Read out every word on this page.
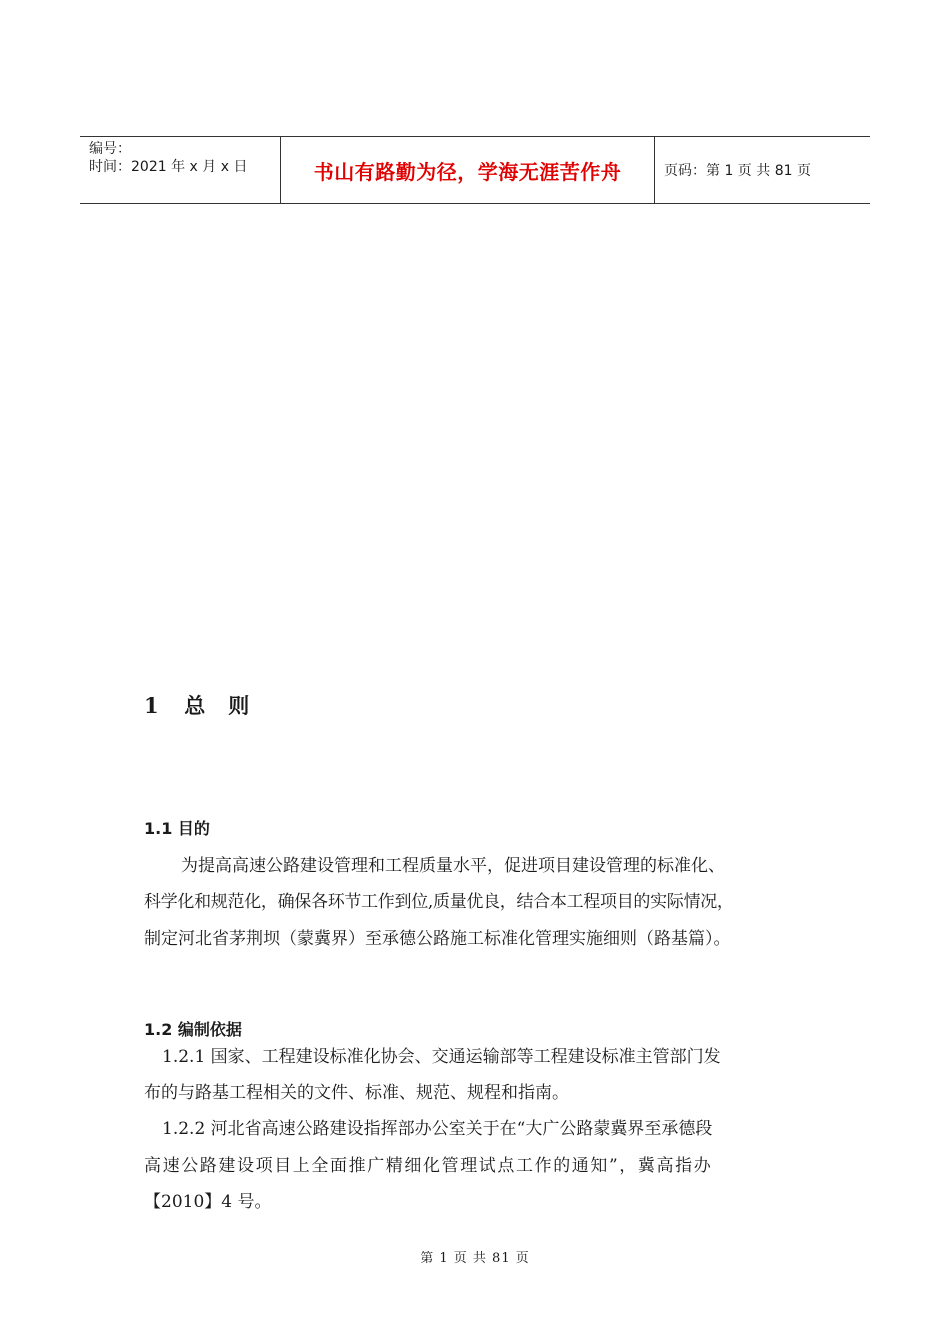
编号：
时间：2021 年 x 月 x 日	书山有路勤为径，学海无涯苦作舟	页码：第 1 页 共 81 页
1 总 则
1.1 目的

为提高高速公路建设管理和工程质量水平，促进项目建设管理的标准化、

科学化和规范化，确保各环节工作到位,质量优良，结合本工程项目的实际情况，

制定河北省茅荆坝（蒙冀界）至承德公路施工标准化管理实施细则（路基篇）。

1.2 编制依据

1.2.1 国家、工程建设标准化协会、交通运输部等工程建设标准主管部门发

布的与路基工程相关的文件、标准、规范、规程和指南。

1.2.2 河北省高速公路建设指挥部办公室关于在“大广公路蒙冀界至承德段

高速公路建设项目上全面推广精细化管理试点工作的通知”，冀高指办

【2010】4 号。

第 1 页 共 81 页
